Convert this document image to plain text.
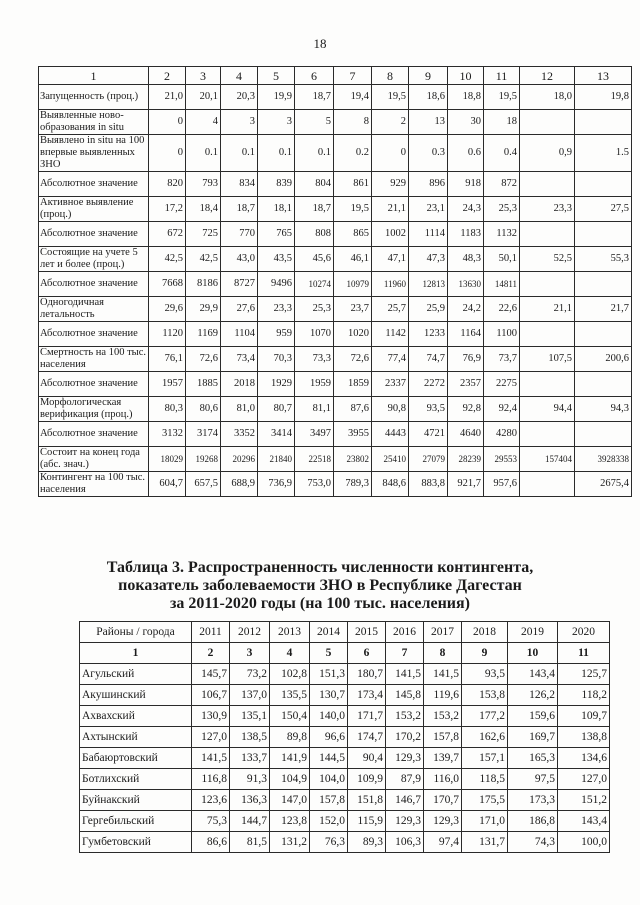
18
1	2	3	4	5	6	7	8	9	10	11	12	13
Запущенность (проц.)	21,0	20,1	20,3	19,9	18,7	19,4	19,5	18,6	18,8	19,5	18,0	19,8
Выявленные ново-образования in situ	0	4	3	3	5	8	2	13	30	18		
Выявлено in situ на 100 впервые выявленных ЗНО	0	0.1	0.1	0.1	0.1	0.2	0	0.3	0.6	0.4	0,9	1.5
Абсолютное значение	820	793	834	839	804	861	929	896	918	872		
Активное выявление (проц.)	17,2	18,4	18,7	18,1	18,7	19,5	21,1	23,1	24,3	25,3	23,3	27,5
Абсолютное значение	672	725	770	765	808	865	1002	1114	1183	1132		
Состоящие на учете 5 лет и более (проц.)	42,5	42,5	43,0	43,5	45,6	46,1	47,1	47,3	48,3	50,1	52,5	55,3
Абсолютное значение	7668	8186	8727	9496	10274	10979	11960	12813	13630	14811		
Одногодичная летальность	29,6	29,9	27,6	23,3	25,3	23,7	25,7	25,9	24,2	22,6	21,1	21,7
Абсолютное значение	1120	1169	1104	959	1070	1020	1142	1233	1164	1100		
Смертность на 100 тыс. населения	76,1	72,6	73,4	70,3	73,3	72,6	77,4	74,7	76,9	73,7	107,5	200,6
Абсолютное значение	1957	1885	2018	1929	1959	1859	2337	2272	2357	2275		
Морфологическая верификация (проц.)	80,3	80,6	81,0	80,7	81,1	87,6	90,8	93,5	92,8	92,4	94,4	94,3
Абсолютное значение	3132	3174	3352	3414	3497	3955	4443	4721	4640	4280		
Состоит на конец года (абс. знач.)	18029	19268	20296	21840	22518	23802	25410	27079	28239	29553	157404	3928338
Контингент на 100 тыс. населения	604,7	657,5	688,9	736,9	753,0	789,3	848,6	883,8	921,7	957,6		2675,4
Таблица 3. Распространенность численности контингента,
показатель заболеваемости ЗНО в Республике Дагестан
за 2011-2020 годы (на 100 тыс. населения)
Районы / города	2011	2012	2013	2014	2015	2016	2017	2018	2019	2020
1	2	3	4	5	6	7	8	9	10	11
Агульский	145,7	73,2	102,8	151,3	180,7	141,5	141,5	93,5	143,4	125,7
Акушинский	106,7	137,0	135,5	130,7	173,4	145,8	119,6	153,8	126,2	118,2
Ахвахский	130,9	135,1	150,4	140,0	171,7	153,2	153,2	177,2	159,6	109,7
Ахтынский	127,0	138,5	89,8	96,6	174,7	170,2	157,8	162,6	169,7	138,8
Бабаюртовский	141,5	133,7	141,9	144,5	90,4	129,3	139,7	157,1	165,3	134,6
Ботлихский	116,8	91,3	104,9	104,0	109,9	87,9	116,0	118,5	97,5	127,0
Буйнакский	123,6	136,3	147,0	157,8	151,8	146,7	170,7	175,5	173,3	151,2
Гергебильский	75,3	144,7	123,8	152,0	115,9	129,3	129,3	171,0	186,8	143,4
Гумбетовский	86,6	81,5	131,2	76,3	89,3	106,3	97,4	131,7	74,3	100,0
